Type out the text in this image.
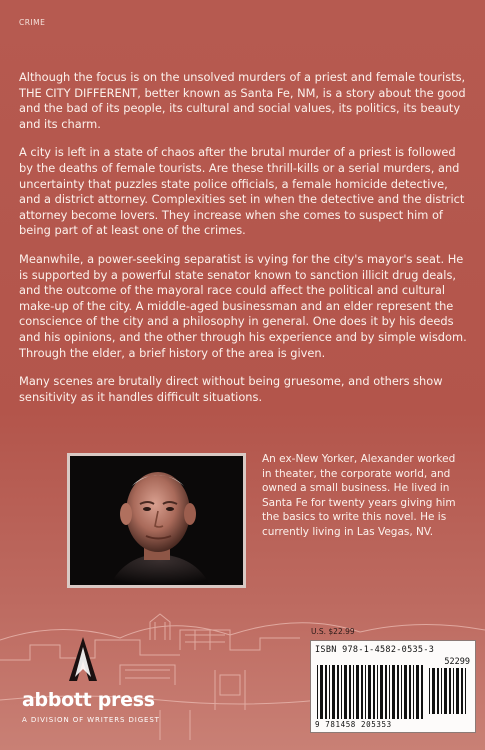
CRIME

Although the focus is on the unsolved murders of a priest and female tourists, THE CITY DIFFERENT, better known as Santa Fe, NM, is a story about the good and the bad of its people, its cultural and social values, its politics, its beauty and its charm.

A city is left in a state of chaos after the brutal murder of a priest is followed by the deaths of female tourists. Are these thrill-kills or a serial murders, and uncertainty that puzzles state police officials, a female homicide detective, and a district attorney. Complexities set in when the detective and the district attorney become lovers. They increase when she comes to suspect him of being part of at least one of the crimes.

Meanwhile, a power-seeking separatist is vying for the city's mayor's seat. He is supported by a powerful state senator known to sanction illicit drug deals, and the outcome of the mayoral race could affect the political and cultural make-up of the city. A middle-aged businessman and an elder represent the conscience of the city and a philosophy in general. One does it by his deeds and his opinions, and the other through his experience and by simple wisdom. Through the elder, a brief history of the area is given.

Many scenes are brutally direct without being gruesome, and others show sensitivity as it handles difficult situations.

An ex-New Yorker, Alexander worked in theater, the corporate world, and owned a small business. He lived in Santa Fe for twenty years giving him the basics to write this novel. He is currently living in Las Vegas, NV.
abbott press
A DIVISION OF WRITERS DIGEST
U.S. $22.99
ISBN 978-1-4582-0535-3
52299
9 781458 205353
